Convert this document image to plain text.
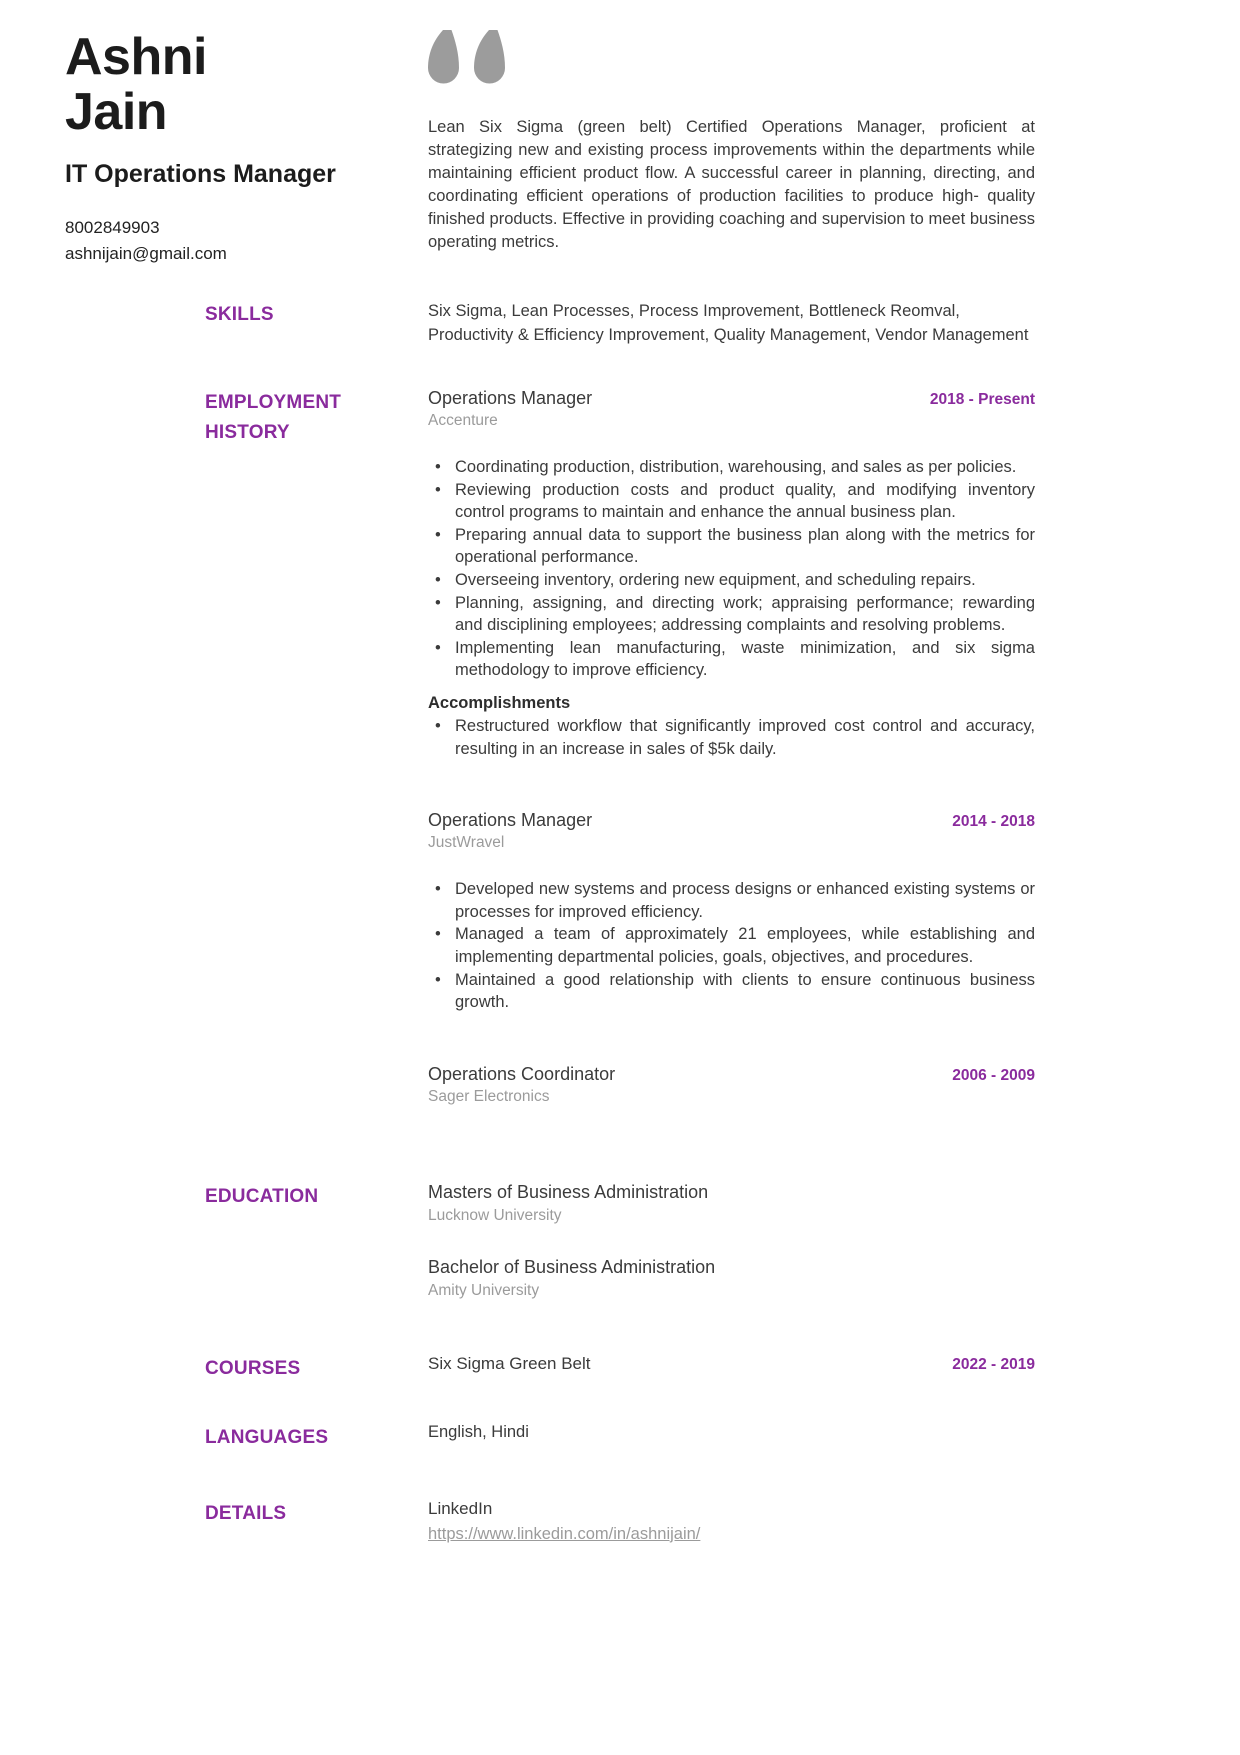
Ashni
Jain
IT Operations Manager
8002849903
ashnijain@gmail.com

Lean Six Sigma (green belt) Certified Operations Manager, proficient at strategizing new and existing process improvements within the departments while maintaining efficient product flow. A successful career in planning, directing, and coordinating efficient operations of production facilities to produce high- quality finished products. Effective in providing coaching and supervision to meet business operating metrics.

SKILLS	Six Sigma, Lean Processes, Process Improvement, Bottleneck Reomval, Productivity & Efficiency Improvement, Quality Management, Vendor Management
EMPLOYMENT HISTORY
Operations Manager	2018 - Present
Accenture
• Coordinating production, distribution, warehousing, and sales as per policies.
• Reviewing production costs and product quality, and modifying inventory control programs to maintain and enhance the annual business plan.
• Preparing annual data to support the business plan along with the metrics for operational performance.
• Overseeing inventory, ordering new equipment, and scheduling repairs.
• Planning, assigning, and directing work; appraising performance; rewarding and disciplining employees; addressing complaints and resolving problems.
• Implementing lean manufacturing, waste minimization, and six sigma methodology to improve efficiency.
Accomplishments
• Restructured workflow that significantly improved cost control and accuracy, resulting in an increase in sales of $5k daily.
Operations Manager	2014 - 2018
JustWravel
• Developed new systems and process designs or enhanced existing systems or processes for improved efficiency.
• Managed a team of approximately 21 employees, while establishing and implementing departmental policies, goals, objectives, and procedures.
• Maintained a good relationship with clients to ensure continuous business growth.
Operations Coordinator	2006 - 2009
Sager Electronics
EDUCATION	Masters of Business Administration
Lucknow University
Bachelor of Business Administration
Amity University
COURSES	Six Sigma Green Belt	2022 - 2019
LANGUAGES	English, Hindi
DETAILS	LinkedIn
https://www.linkedin.com/in/ashnijain/
